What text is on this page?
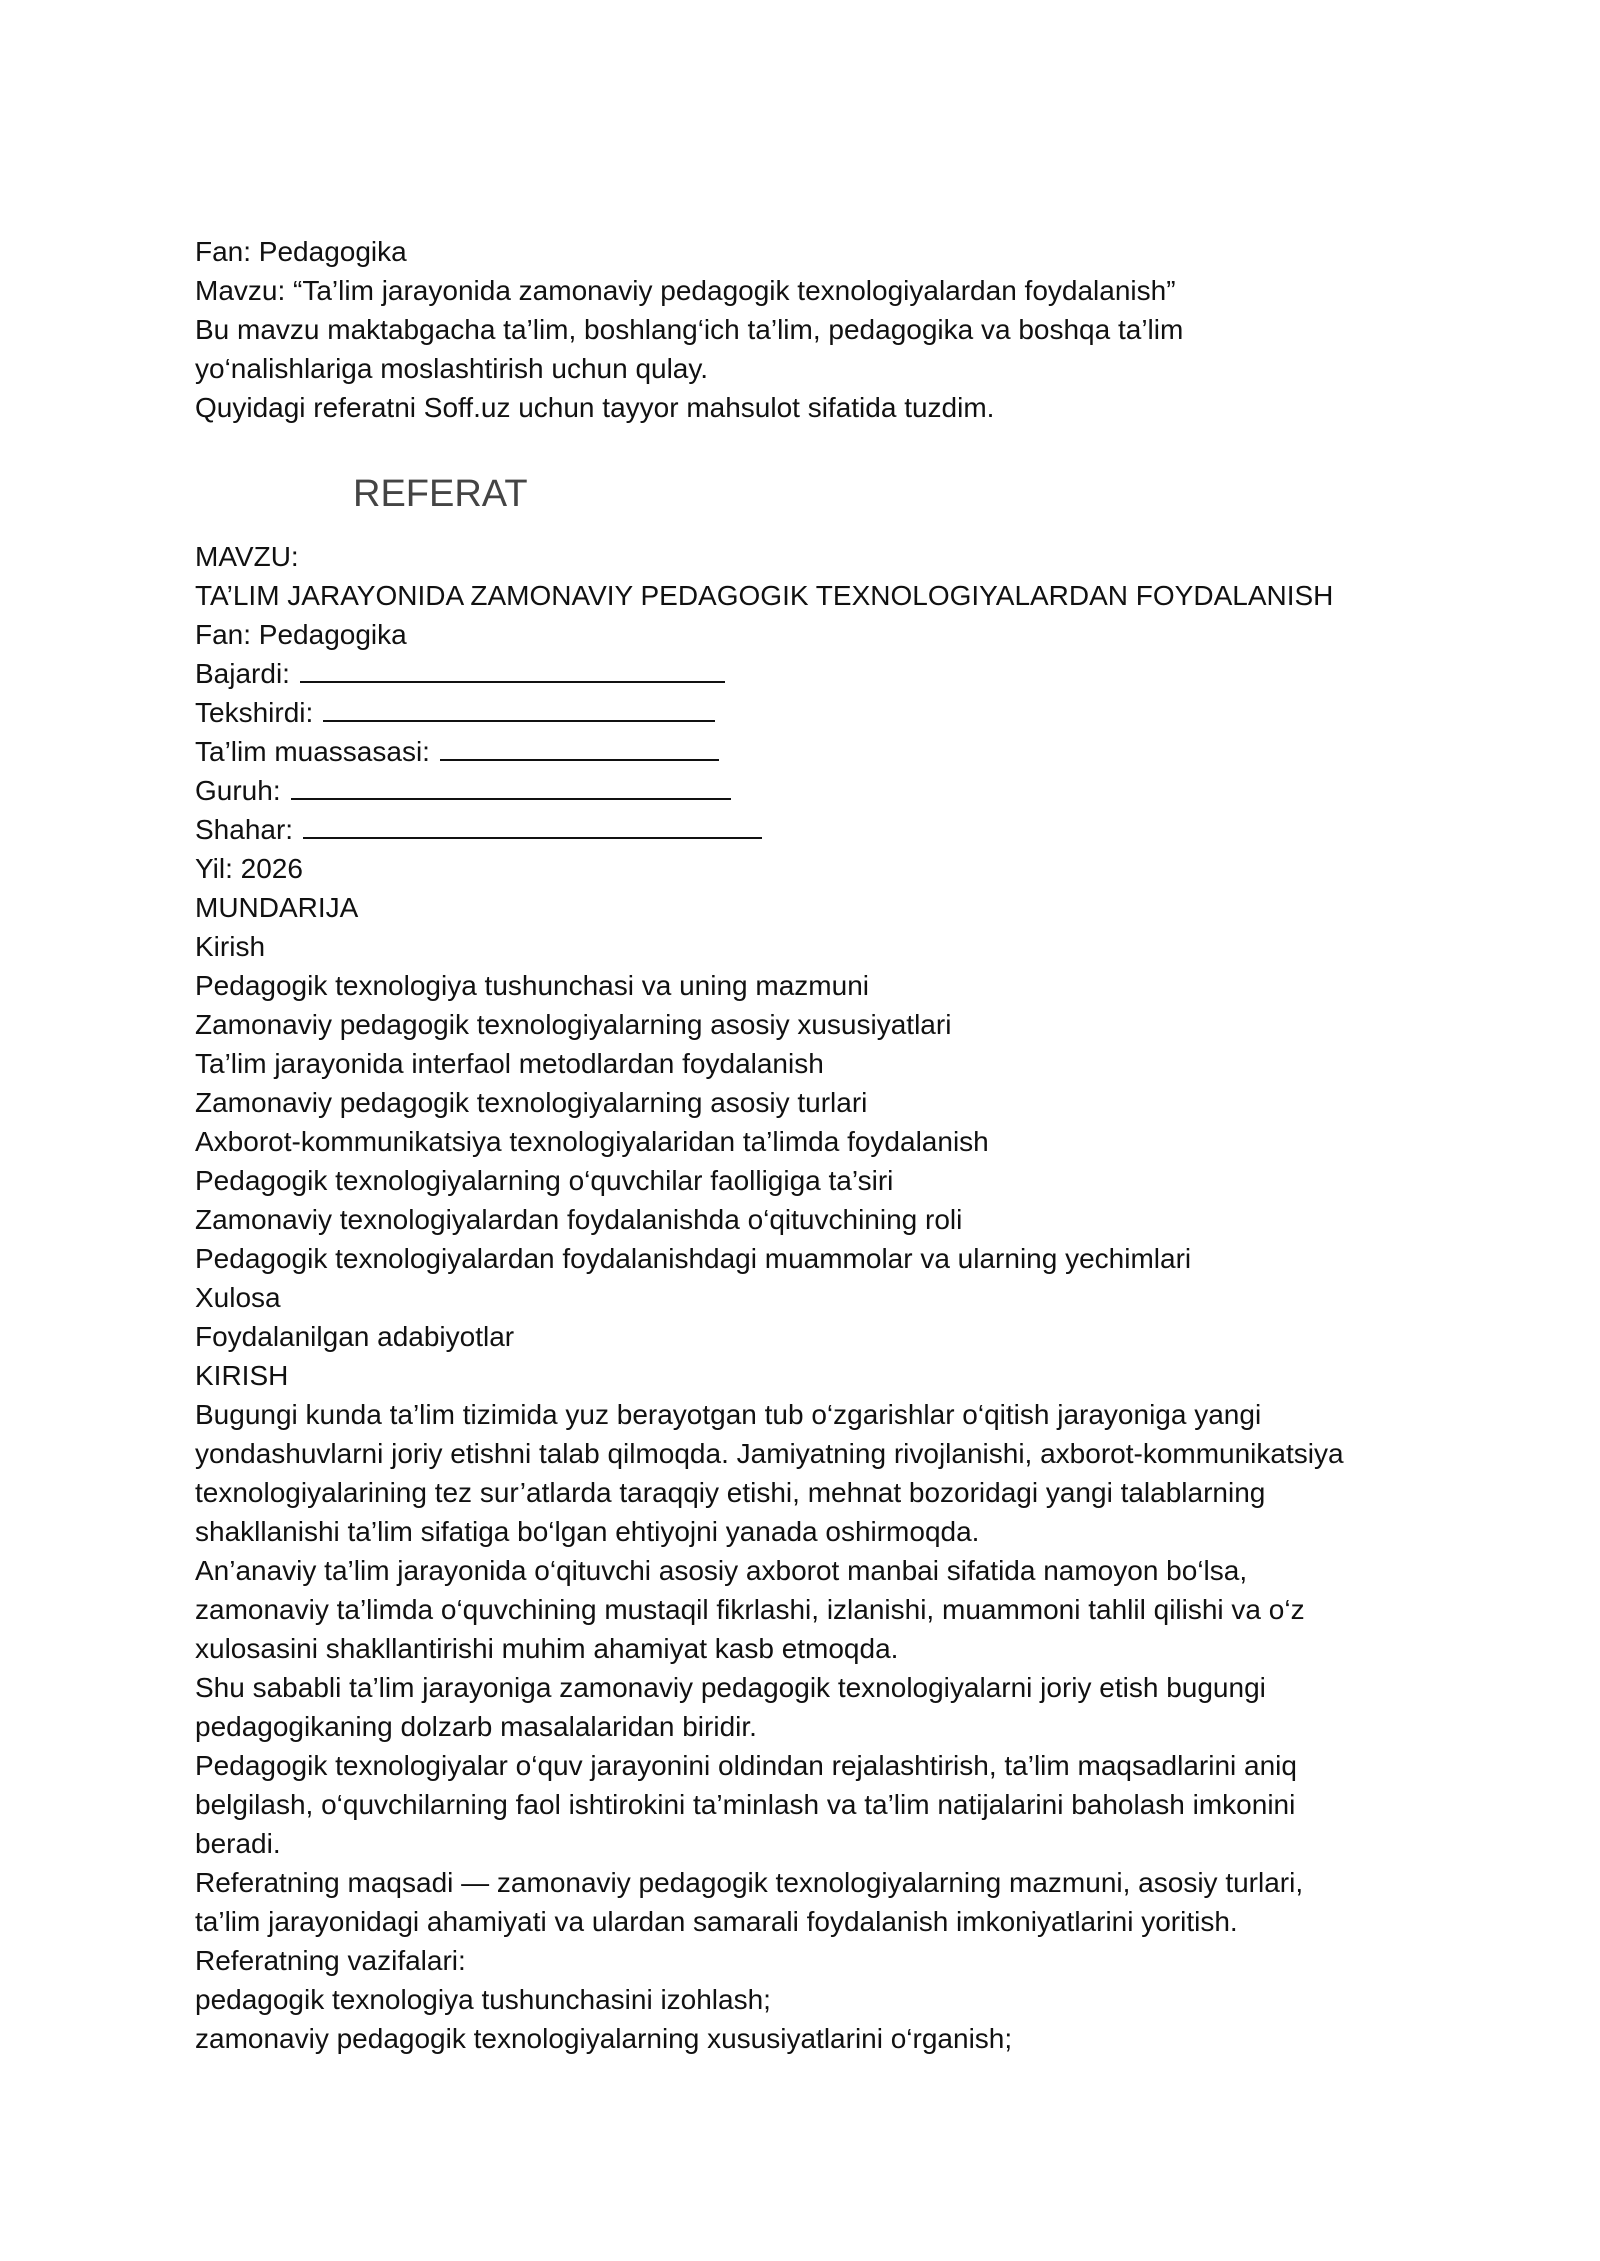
Fan: Pedagogika

Mavzu: “Ta’lim jarayonida zamonaviy pedagogik texnologiyalardan foydalanish”

Bu mavzu maktabgacha ta’lim, boshlang‘ich ta’lim, pedagogika va boshqa ta’lim

yo‘nalishlariga moslashtirish uchun qulay.

Quyidagi referatni Soff.uz uchun tayyor mahsulot sifatida tuzdim.

REFERAT

MAVZU:

TA’LIM JARAYONIDA ZAMONAVIY PEDAGOGIK TEXNOLOGIYALARDAN FOYDALANISH

Fan: Pedagogika

Bajardi:

Tekshirdi:

Ta’lim muassasasi:

Guruh:

Shahar:

Yil: 2026

MUNDARIJA

Kirish

Pedagogik texnologiya tushunchasi va uning mazmuni

Zamonaviy pedagogik texnologiyalarning asosiy xususiyatlari

Ta’lim jarayonida interfaol metodlardan foydalanish

Zamonaviy pedagogik texnologiyalarning asosiy turlari

Axborot-kommunikatsiya texnologiyalaridan ta’limda foydalanish

Pedagogik texnologiyalarning o‘quvchilar faolligiga ta’siri

Zamonaviy texnologiyalardan foydalanishda o‘qituvchining roli

Pedagogik texnologiyalardan foydalanishdagi muammolar va ularning yechimlari

Xulosa

Foydalanilgan adabiyotlar

KIRISH

Bugungi kunda ta’lim tizimida yuz berayotgan tub o‘zgarishlar o‘qitish jarayoniga yangi

yondashuvlarni joriy etishni talab qilmoqda. Jamiyatning rivojlanishi, axborot-kommunikatsiya

texnologiyalarining tez sur’atlarda taraqqiy etishi, mehnat bozoridagi yangi talablarning

shakllanishi ta’lim sifatiga bo‘lgan ehtiyojni yanada oshirmoqda.

An’anaviy ta’lim jarayonida o‘qituvchi asosiy axborot manbai sifatida namoyon bo‘lsa,

zamonaviy ta’limda o‘quvchining mustaqil fikrlashi, izlanishi, muammoni tahlil qilishi va o‘z

xulosasini shakllantirishi muhim ahamiyat kasb etmoqda.

Shu sababli ta’lim jarayoniga zamonaviy pedagogik texnologiyalarni joriy etish bugungi

pedagogikaning dolzarb masalalaridan biridir.

Pedagogik texnologiyalar o‘quv jarayonini oldindan rejalashtirish, ta’lim maqsadlarini aniq

belgilash, o‘quvchilarning faol ishtirokini ta’minlash va ta’lim natijalarini baholash imkonini

beradi.

Referatning maqsadi — zamonaviy pedagogik texnologiyalarning mazmuni, asosiy turlari,

ta’lim jarayonidagi ahamiyati va ulardan samarali foydalanish imkoniyatlarini yoritish.

Referatning vazifalari:

pedagogik texnologiya tushunchasini izohlash;

zamonaviy pedagogik texnologiyalarning xususiyatlarini o‘rganish;
